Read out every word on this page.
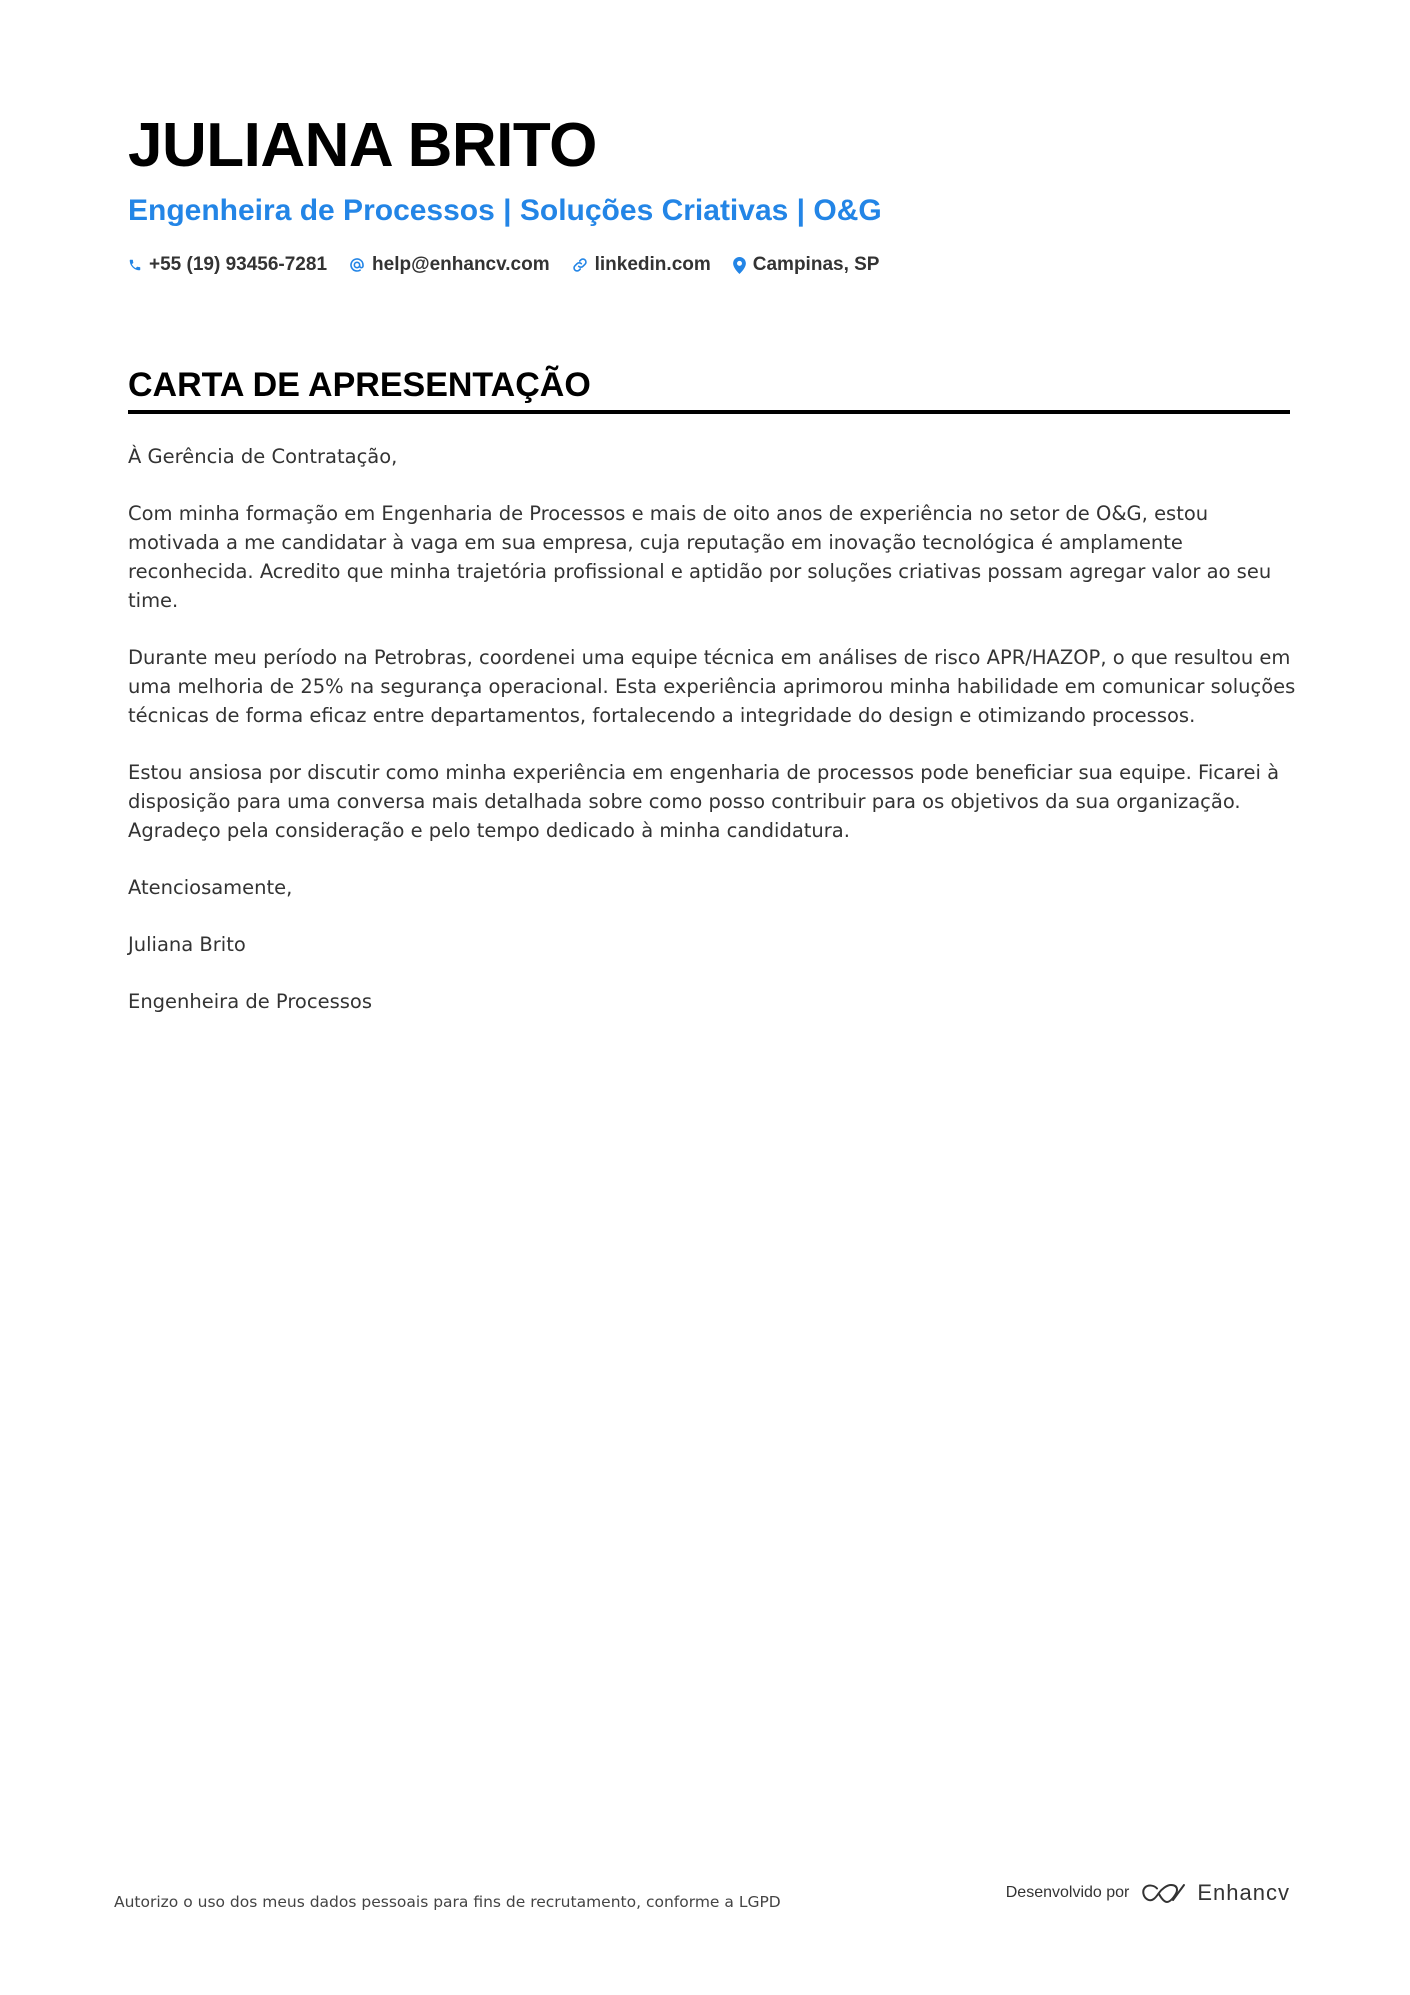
JULIANA BRITO
Engenheira de Processos | Soluções Criativas | O&G
+55 (19) 93456-7281 help@enhancv.com linkedin.com Campinas, SP
CARTA DE APRESENTAÇÃO

À Gerência de Contratação,

Com minha formação em Engenharia de Processos e mais de oito anos de experiência no setor de O&G, estou motivada a me candidatar à vaga em sua empresa, cuja reputação em inovação tecnológica é amplamente reconhecida. Acredito que minha trajetória profissional e aptidão por soluções criativas possam agregar valor ao seu time.

Durante meu período na Petrobras, coordenei uma equipe técnica em análises de risco APR/HAZOP, o que resultou em uma melhoria de 25% na segurança operacional. Esta experiência aprimorou minha habilidade em comunicar soluções técnicas de forma eficaz entre departamentos, fortalecendo a integridade do design e otimizando processos.

Estou ansiosa por discutir como minha experiência em engenharia de processos pode beneficiar sua equipe. Ficarei à disposição para uma conversa mais detalhada sobre como posso contribuir para os objetivos da sua organização. Agradeço pela consideração e pelo tempo dedicado à minha candidatura.

Atenciosamente,

Juliana Brito

Engenheira de Processos

Autorizo o uso dos meus dados pessoais para fins de recrutamento, conforme a LGPD
Desenvolvido por	Enhancv
